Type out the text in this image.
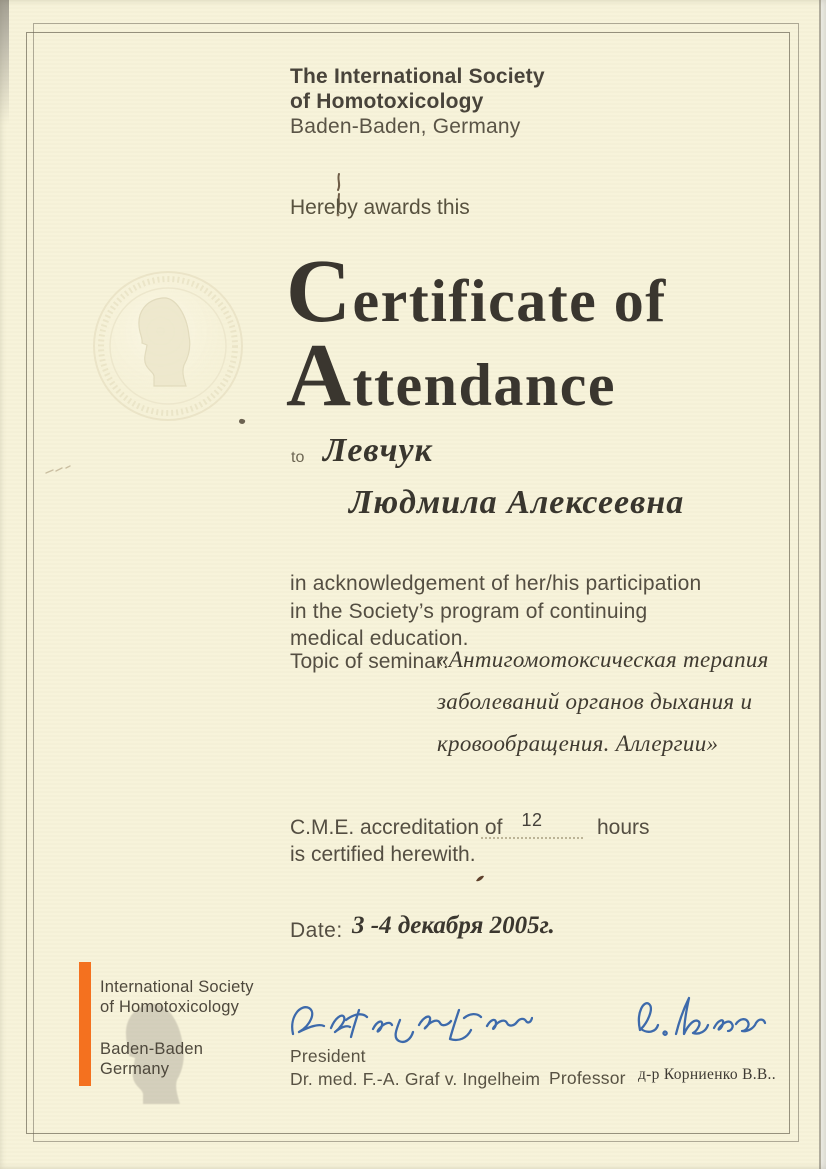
The International Society
of Homotoxicology
Baden-Baden, Germany
Hereby awards this
Certificate of
Attendance
to Левчук
Людмила Алексеевна
in acknowledgement of her/his participation
in the Society’s program of continuing
medical education.
Topic of seminar:
«Антигомотоксическая терапия
заболеваний органов дыхания и
кровообращения. Аллергии»
C.M.E. accreditation of	12	hours
is certified herewith.
Date: 3 -4 декабря 2005г.
International Society
of Homotoxicology
Baden-Baden
Germany
President
Dr. med. F.-A. Graf v. Ingelheim Professor д-р Корниенко В.В..
